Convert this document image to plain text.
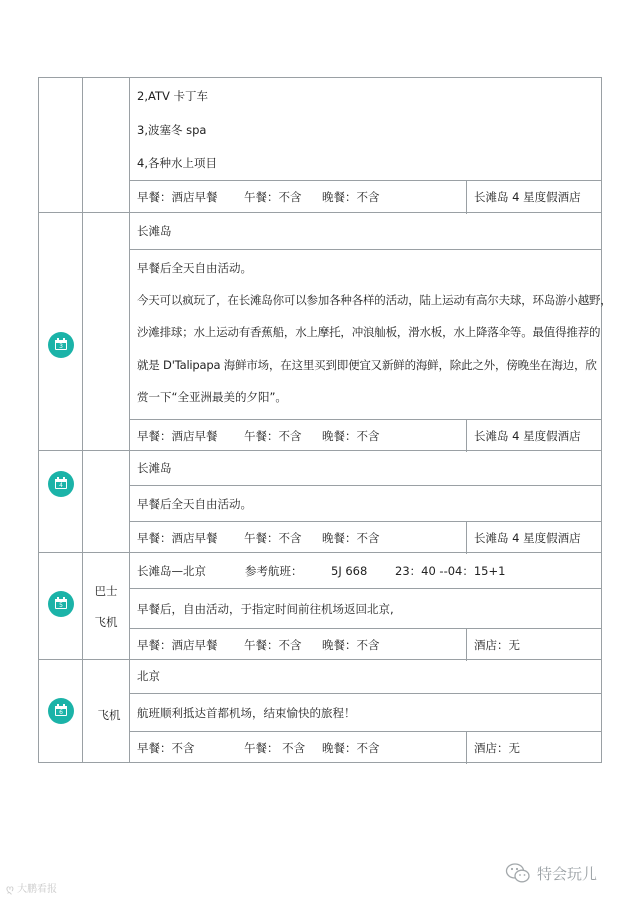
2,ATV 卡丁车
3,波塞冬 spa
4,各种水上项目
早餐：酒店早餐	午餐：不含	晚餐：不含	长滩岛 4 星度假酒店
3
长滩岛
早餐后全天自由活动。
今天可以疯玩了，在长滩岛你可以参加各种各样的活动，陆上运动有高尔夫球，环岛游小越野，
沙滩排球；水上运动有香蕉船，水上摩托，冲浪舢板，滑水板，水上降落伞等。最值得推荐的
就是 D'Talipapa 海鲜市场，在这里买到即便宜又新鲜的海鲜，除此之外，傍晚坐在海边，欣
赏一下“全亚洲最美的夕阳”。
早餐：酒店早餐	午餐：不含	晚餐：不含	长滩岛 4 星度假酒店
4
长滩岛
早餐后全天自由活动。
早餐：酒店早餐	午餐：不含	晚餐：不含	长滩岛 4 星度假酒店
5
巴士
飞机
长滩岛—北京	参考航班： 5J 668 23：40 --04：15+1
早餐后，自由活动，于指定时间前往机场返回北京,
早餐：酒店早餐	午餐：不含	晚餐：不含	酒店：无
6	飞机
北京
航班顺利抵达首都机场，结束愉快的旅程！
早餐：不含	午餐： 不含	晚餐：不含	酒店：无
ღ 大鹏看报
特会玩儿
